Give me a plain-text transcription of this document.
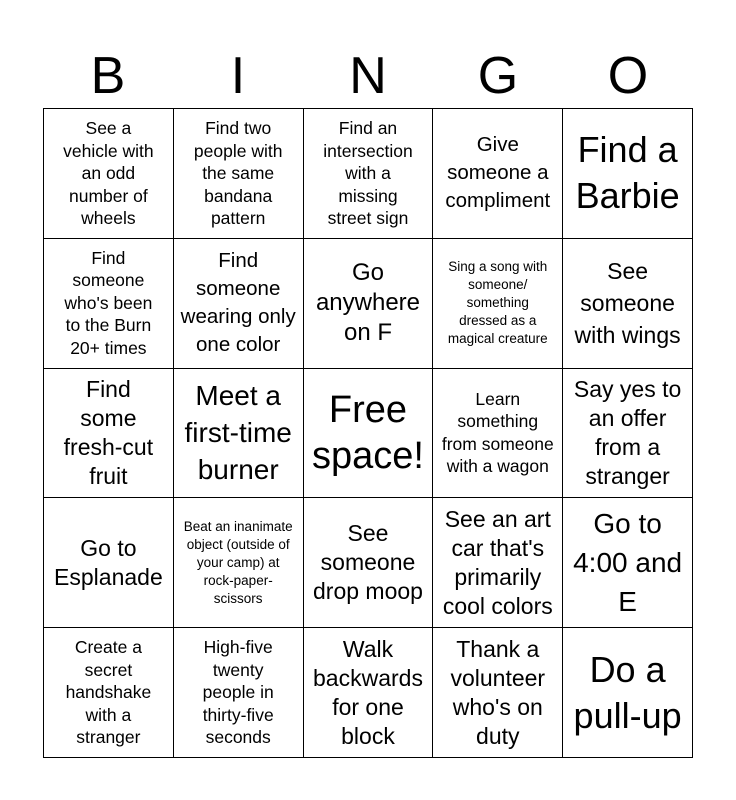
B	I	N	G	O
See a vehicle with an odd number of wheels
Find two people with the same bandana pattern
Find an intersection with a missing street sign
Give someone a compliment
Find a Barbie
Find someone who's been to the Burn 20+ times
Find someone wearing only one color
Go anywhere on F
Sing a song with someone/ something dressed as a magical creature
See someone with wings
Find some fresh-cut fruit
Meet a first-time burner
Free space!
Learn something from someone with a wagon
Say yes to an offer from a stranger
Go to Esplanade
Beat an inanimate object (outside of your camp) at rock-paper-scissors
See someone drop moop
See an art car that's primarily cool colors
Go to 4:00 and E
Create a secret handshake with a stranger
High-five twenty people in thirty-five seconds
Walk backwards for one block
Thank a volunteer who's on duty
Do a pull-up
